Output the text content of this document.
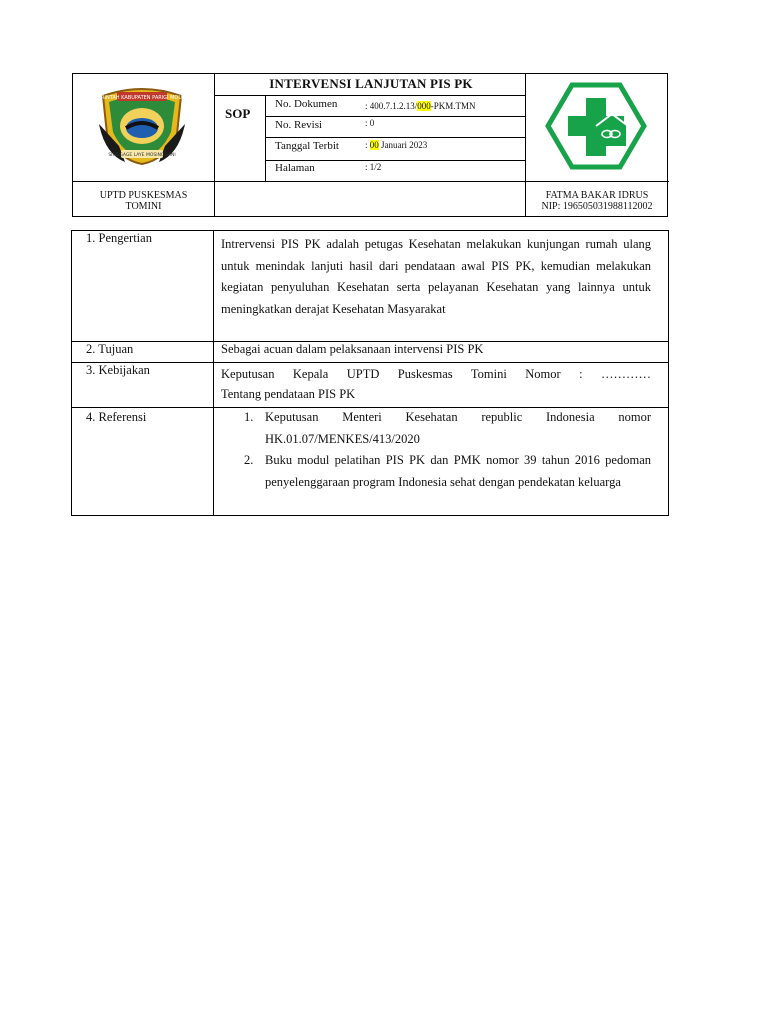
PEMERINTAH KABUPATEN PARIGI MOUTONG
SINGGAGE LAYE MOSINGGANI
INTERVENSI LANJUTAN PIS PK
SOP
No. Dokumen	: 400.7.1.2.13/000-PKM.TMN
No. Revisi	: 0
Tanggal Terbit	: 00 Januari 2023
Halaman	: 1/2
UPTD PUSKESMAS
TOMINI
FATMA BAKAR IDRUS
NIP: 196505031988112002
1. Pengertian	Intrervensi PIS PK adalah petugas Kesehatan melakukan kunjungan rumah ulang untuk menindak lanjuti hasil dari pendataan awal PIS PK, kemudian melakukan kegiatan penyuluhan Kesehatan serta pelayanan Kesehatan yang lainnya untuk meningkatkan derajat Kesehatan Masyarakat
2. Tujuan	Sebagai acuan dalam pelaksanaan intervensi PIS PK
3. Kebijakan	Keputusan Kepala UPTD Puskesmas Tomini Nomor : …………
Tentang pendataan PIS PK
4. Referensi	1. Keputusan Menteri Kesehatan republic Indonesia nomor HK.01.07/MENKES/413/2020
2. Buku modul pelatihan PIS PK dan PMK nomor 39 tahun 2016 pedoman penyelenggaraan program Indonesia sehat dengan pendekatan keluarga
